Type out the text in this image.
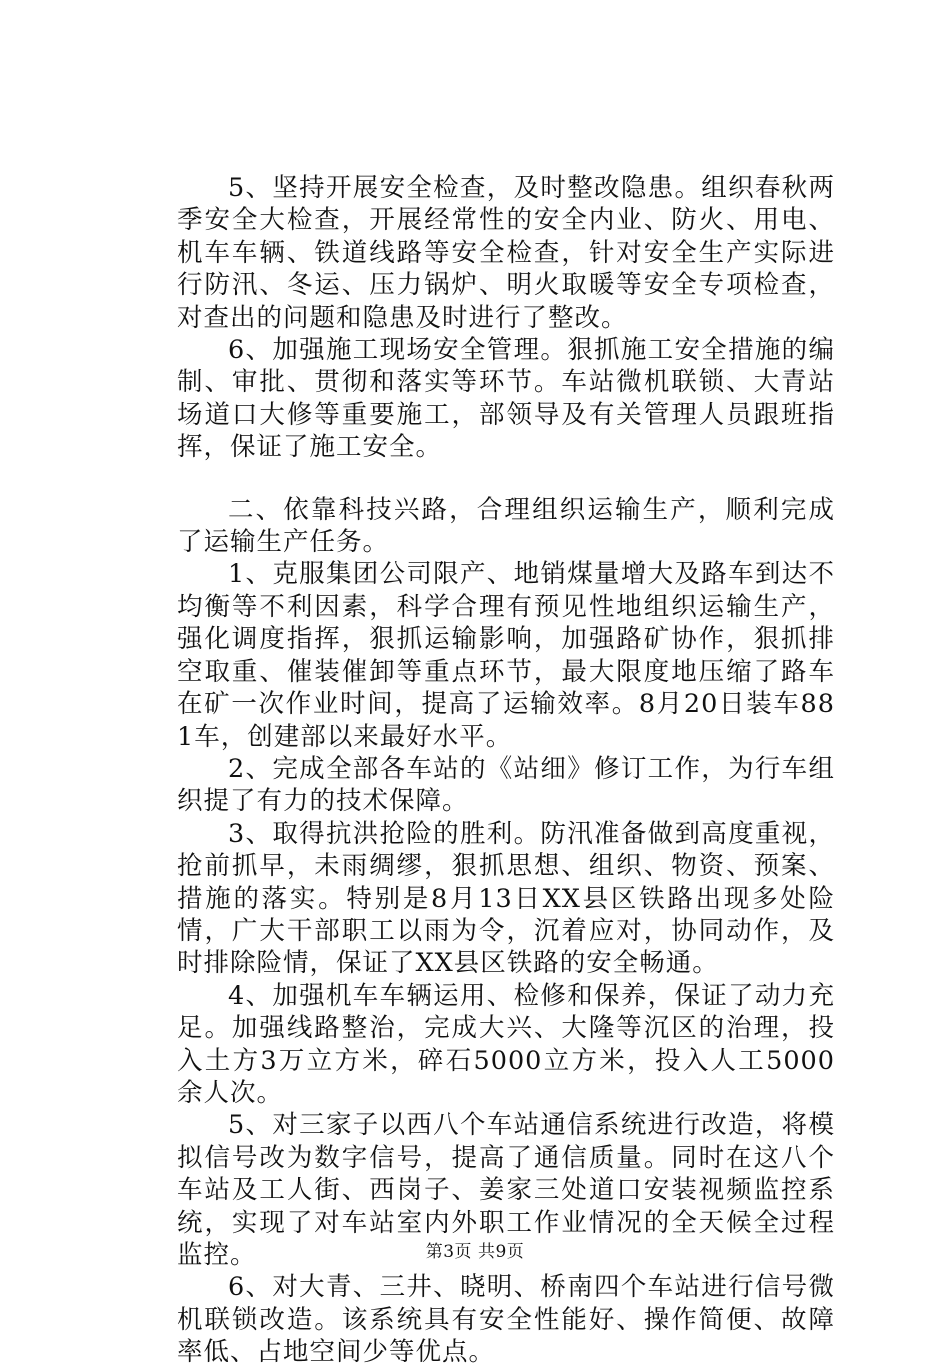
5、坚持开展安全检查，及时整改隐患。组织春秋两季安全大检查，开展经常性的安全内业、防火、用电、机车车辆、铁道线路等安全检查，针对安全生产实际进行防汛、冬运、压力锅炉、明火取暖等安全专项检查，对查出的问题和隐患及时进行了整改。

6、加强施工现场安全管理。狠抓施工安全措施的编制、审批、贯彻和落实等环节。车站微机联锁、大青站场道口大修等重要施工，部领导及有关管理人员跟班指挥，保证了施工安全。

二、依靠科技兴路，合理组织运输生产，顺利完成了运输生产任务。

1、克服集团公司限产、地销煤量增大及路车到达不均衡等不利因素，科学合理有预见性地组织运输生产，强化调度指挥，狠抓运输影响，加强路矿协作，狠抓排空取重、催装催卸等重点环节，最大限度地压缩了路车在矿一次作业时间，提高了运输效率。8月20日装车881车，创建部以来最好水平。

2、完成全部各车站的《站细》修订工作，为行车组织提了有力的技术保障。

3、取得抗洪抢险的胜利。防汛准备做到高度重视，抢前抓早，未雨绸缪，狠抓思想、组织、物资、预案、措施的落实。特别是8月13日XX县区铁路出现多处险情，广大干部职工以雨为令，沉着应对，协同动作，及时排除险情，保证了XX县区铁路的安全畅通。

4、加强机车车辆运用、检修和保养，保证了动力充足。加强线路整治，完成大兴、大隆等沉区的治理，投入土方3万立方米，碎石5000立方米，投入人工5000余人次。

5、对三家子以西八个车站通信系统进行改造，将模拟信号改为数字信号，提高了通信质量。同时在这八个车站及工人街、西岗子、姜家三处道口安装视频监控系统，实现了对车站室内外职工作业情况的全天候全过程监控。

6、对大青、三井、晓明、桥南四个车站进行信号微机联锁改造。该系统具有安全性能好、操作简便、故障率低、占地空间少等优点。

第3页 共9页
